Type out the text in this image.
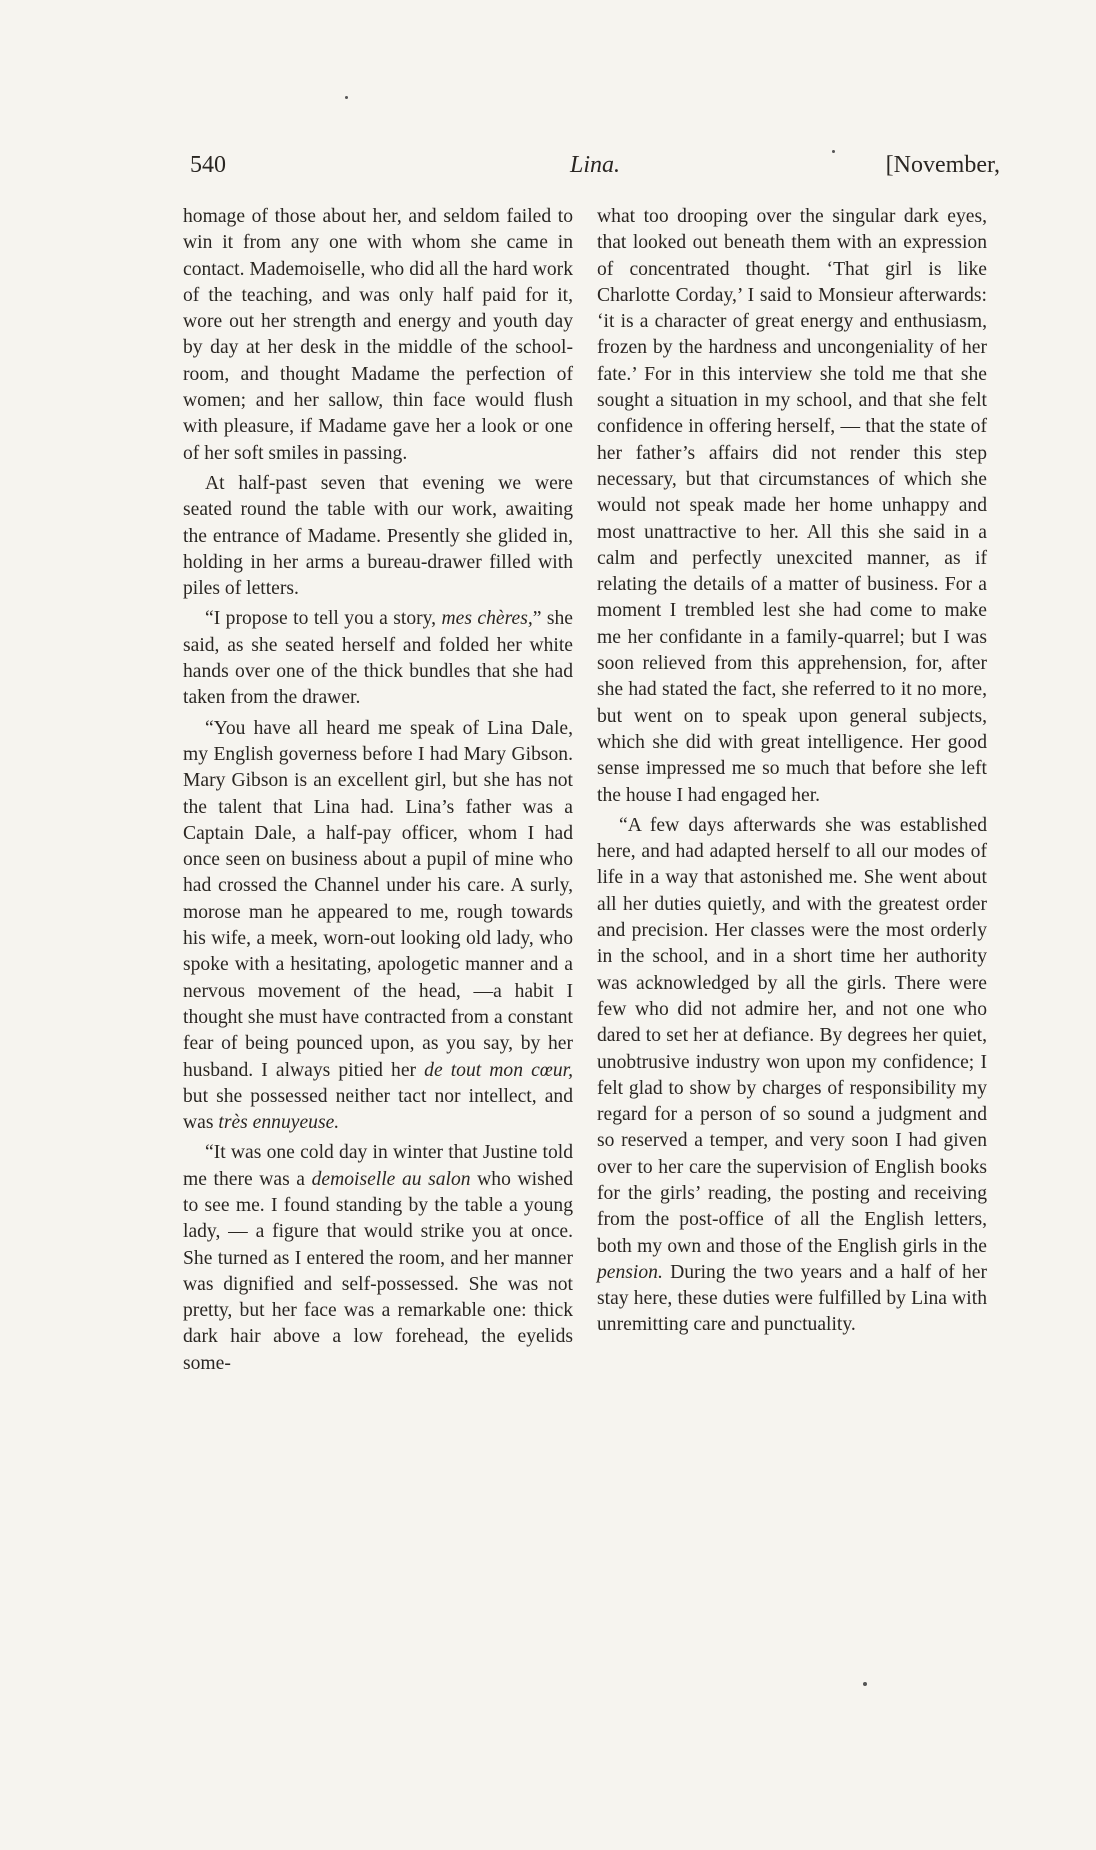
540	Lina.	[November,

homage of those about her, and seldom failed to win it from any one with whom she came in contact. Mademoiselle, who did all the hard work of the teaching, and was only half paid for it, wore out her strength and energy and youth day by day at her desk in the middle of the school-room, and thought Madame the perfection of women; and her sallow, thin face would flush with pleasure, if Madame gave her a look or one of her soft smiles in passing.

At half-past seven that evening we were seated round the table with our work, awaiting the entrance of Madame. Presently she glided in, holding in her arms a bureau-drawer filled with piles of letters.

“I propose to tell you a story, mes chères,” she said, as she seated herself and folded her white hands over one of the thick bundles that she had taken from the drawer.

“You have all heard me speak of Lina Dale, my English governess before I had Mary Gibson. Mary Gibson is an excellent girl, but she has not the talent that Lina had. Lina’s father was a Captain Dale, a half-pay officer, whom I had once seen on business about a pupil of mine who had crossed the Channel under his care. A surly, morose man he appeared to me, rough towards his wife, a meek, worn-out looking old lady, who spoke with a hesitating, apologetic manner and a nervous movement of the head, —a habit I thought she must have contracted from a constant fear of being pounced upon, as you say, by her husband. I always pitied her de tout mon cœur, but she possessed neither tact nor intellect, and was très ennuyeuse.

“It was one cold day in winter that Justine told me there was a demoiselle au salon who wished to see me. I found standing by the table a young lady, — a figure that would strike you at once. She turned as I entered the room, and her manner was dignified and self-possessed. She was not pretty, but her face was a remarkable one: thick dark hair above a low forehead, the eyelids some-

what too drooping over the singular dark eyes, that looked out beneath them with an expression of concentrated thought. ‘That girl is like Charlotte Corday,’ I said to Monsieur afterwards: ‘it is a character of great energy and enthusiasm, frozen by the hardness and uncongeniality of her fate.’ For in this interview she told me that she sought a situation in my school, and that she felt confidence in offering herself, — that the state of her father’s affairs did not render this step necessary, but that circumstances of which she would not speak made her home unhappy and most unattractive to her. All this she said in a calm and perfectly unexcited manner, as if relating the details of a matter of business. For a moment I trembled lest she had come to make me her confidante in a family-quarrel; but I was soon relieved from this apprehension, for, after she had stated the fact, she referred to it no more, but went on to speak upon general subjects, which she did with great intelligence. Her good sense impressed me so much that before she left the house I had engaged her.

“A few days afterwards she was established here, and had adapted herself to all our modes of life in a way that astonished me. She went about all her duties quietly, and with the greatest order and precision. Her classes were the most orderly in the school, and in a short time her authority was acknowledged by all the girls. There were few who did not admire her, and not one who dared to set her at defiance. By degrees her quiet, unobtrusive industry won upon my confidence; I felt glad to show by charges of responsibility my regard for a person of so sound a judgment and so reserved a temper, and very soon I had given over to her care the supervision of English books for the girls’ reading, the posting and receiving from the post-office of all the English letters, both my own and those of the English girls in the pension. During the two years and a half of her stay here, these duties were fulfilled by Lina with unremitting care and punctuality.
